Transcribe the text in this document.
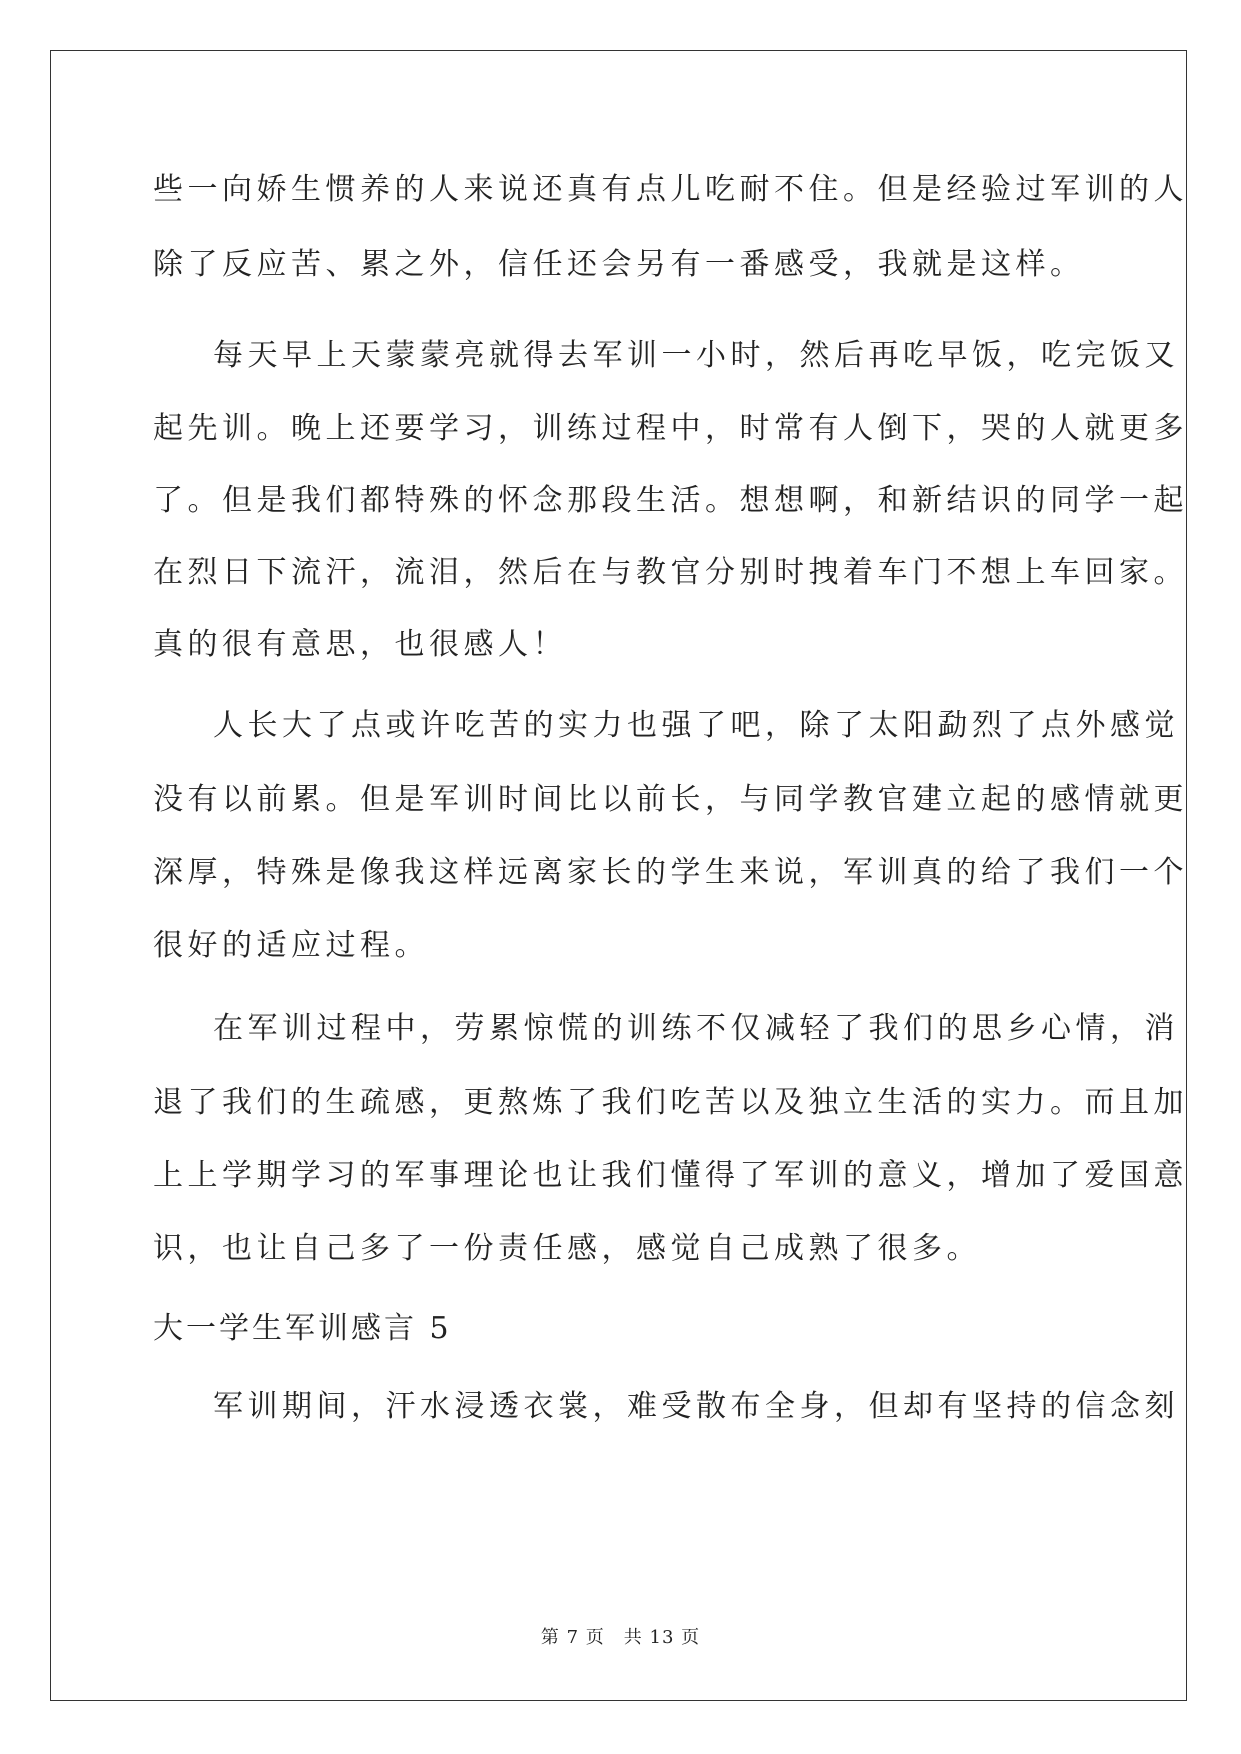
些一向娇生惯养的人来说还真有点儿吃耐不住。但是经验过军训的人

除了反应苦、累之外，信任还会另有一番感受，我就是这样。

每天早上天蒙蒙亮就得去军训一小时，然后再吃早饭，吃完饭又

起先训。晚上还要学习，训练过程中，时常有人倒下，哭的人就更多

了。但是我们都特殊的怀念那段生活。想想啊，和新结识的同学一起

在烈日下流汗，流泪，然后在与教官分别时拽着车门不想上车回家。

真的很有意思，也很感人！

人长大了点或许吃苦的实力也强了吧，除了太阳勐烈了点外感觉

没有以前累。但是军训时间比以前长，与同学教官建立起的感情就更

深厚，特殊是像我这样远离家长的学生来说，军训真的给了我们一个

很好的适应过程。

在军训过程中，劳累惊慌的训练不仅减轻了我们的思乡心情，消

退了我们的生疏感，更熬炼了我们吃苦以及独立生活的实力。而且加

上上学期学习的军事理论也让我们懂得了军训的意义，增加了爱国意

识，也让自己多了一份责任感，感觉自己成熟了很多。

大一学生军训感言 5

军训期间，汗水浸透衣裳，难受散布全身，但却有坚持的信念刻

第 7 页　共 13 页
